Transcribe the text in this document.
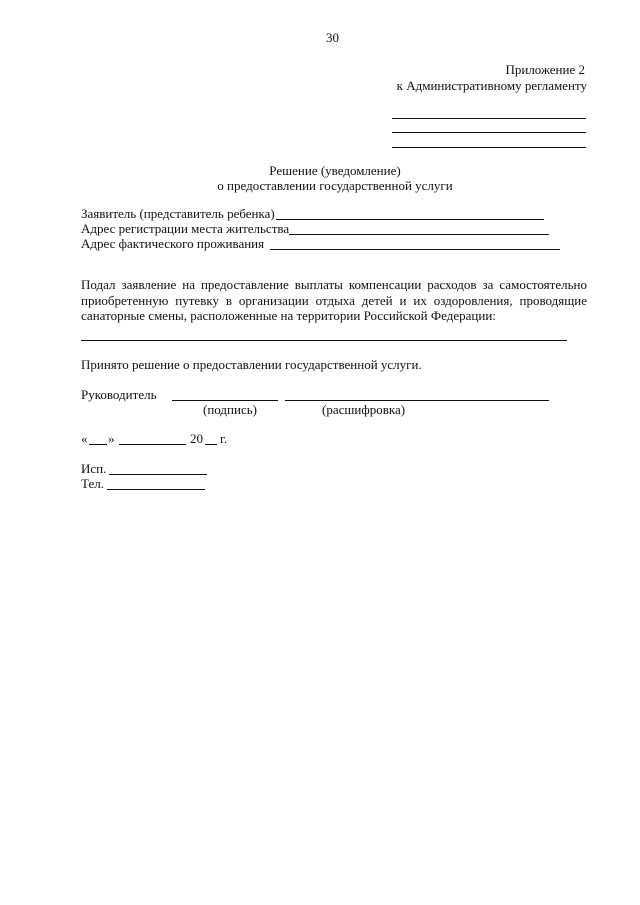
30
Приложение 2
к Административному регламенту
Решение (уведомление)
о предоставлении государственной услуги
Заявитель (представитель ребенка)
Адрес регистрации места жительства
Адрес фактического проживания
Подал заявление на предоставление выплаты компенсации расходов за самостоятельно приобретенную путевку в организации отдыха детей и их оздоровления, проводящие санаторные смены, расположенные на территории Российской Федерации:
Принято решение о предоставлении государственной услуги.
Руководитель
(подпись)	(расшифровка)
« »	20 г.
Исп.
Тел.
